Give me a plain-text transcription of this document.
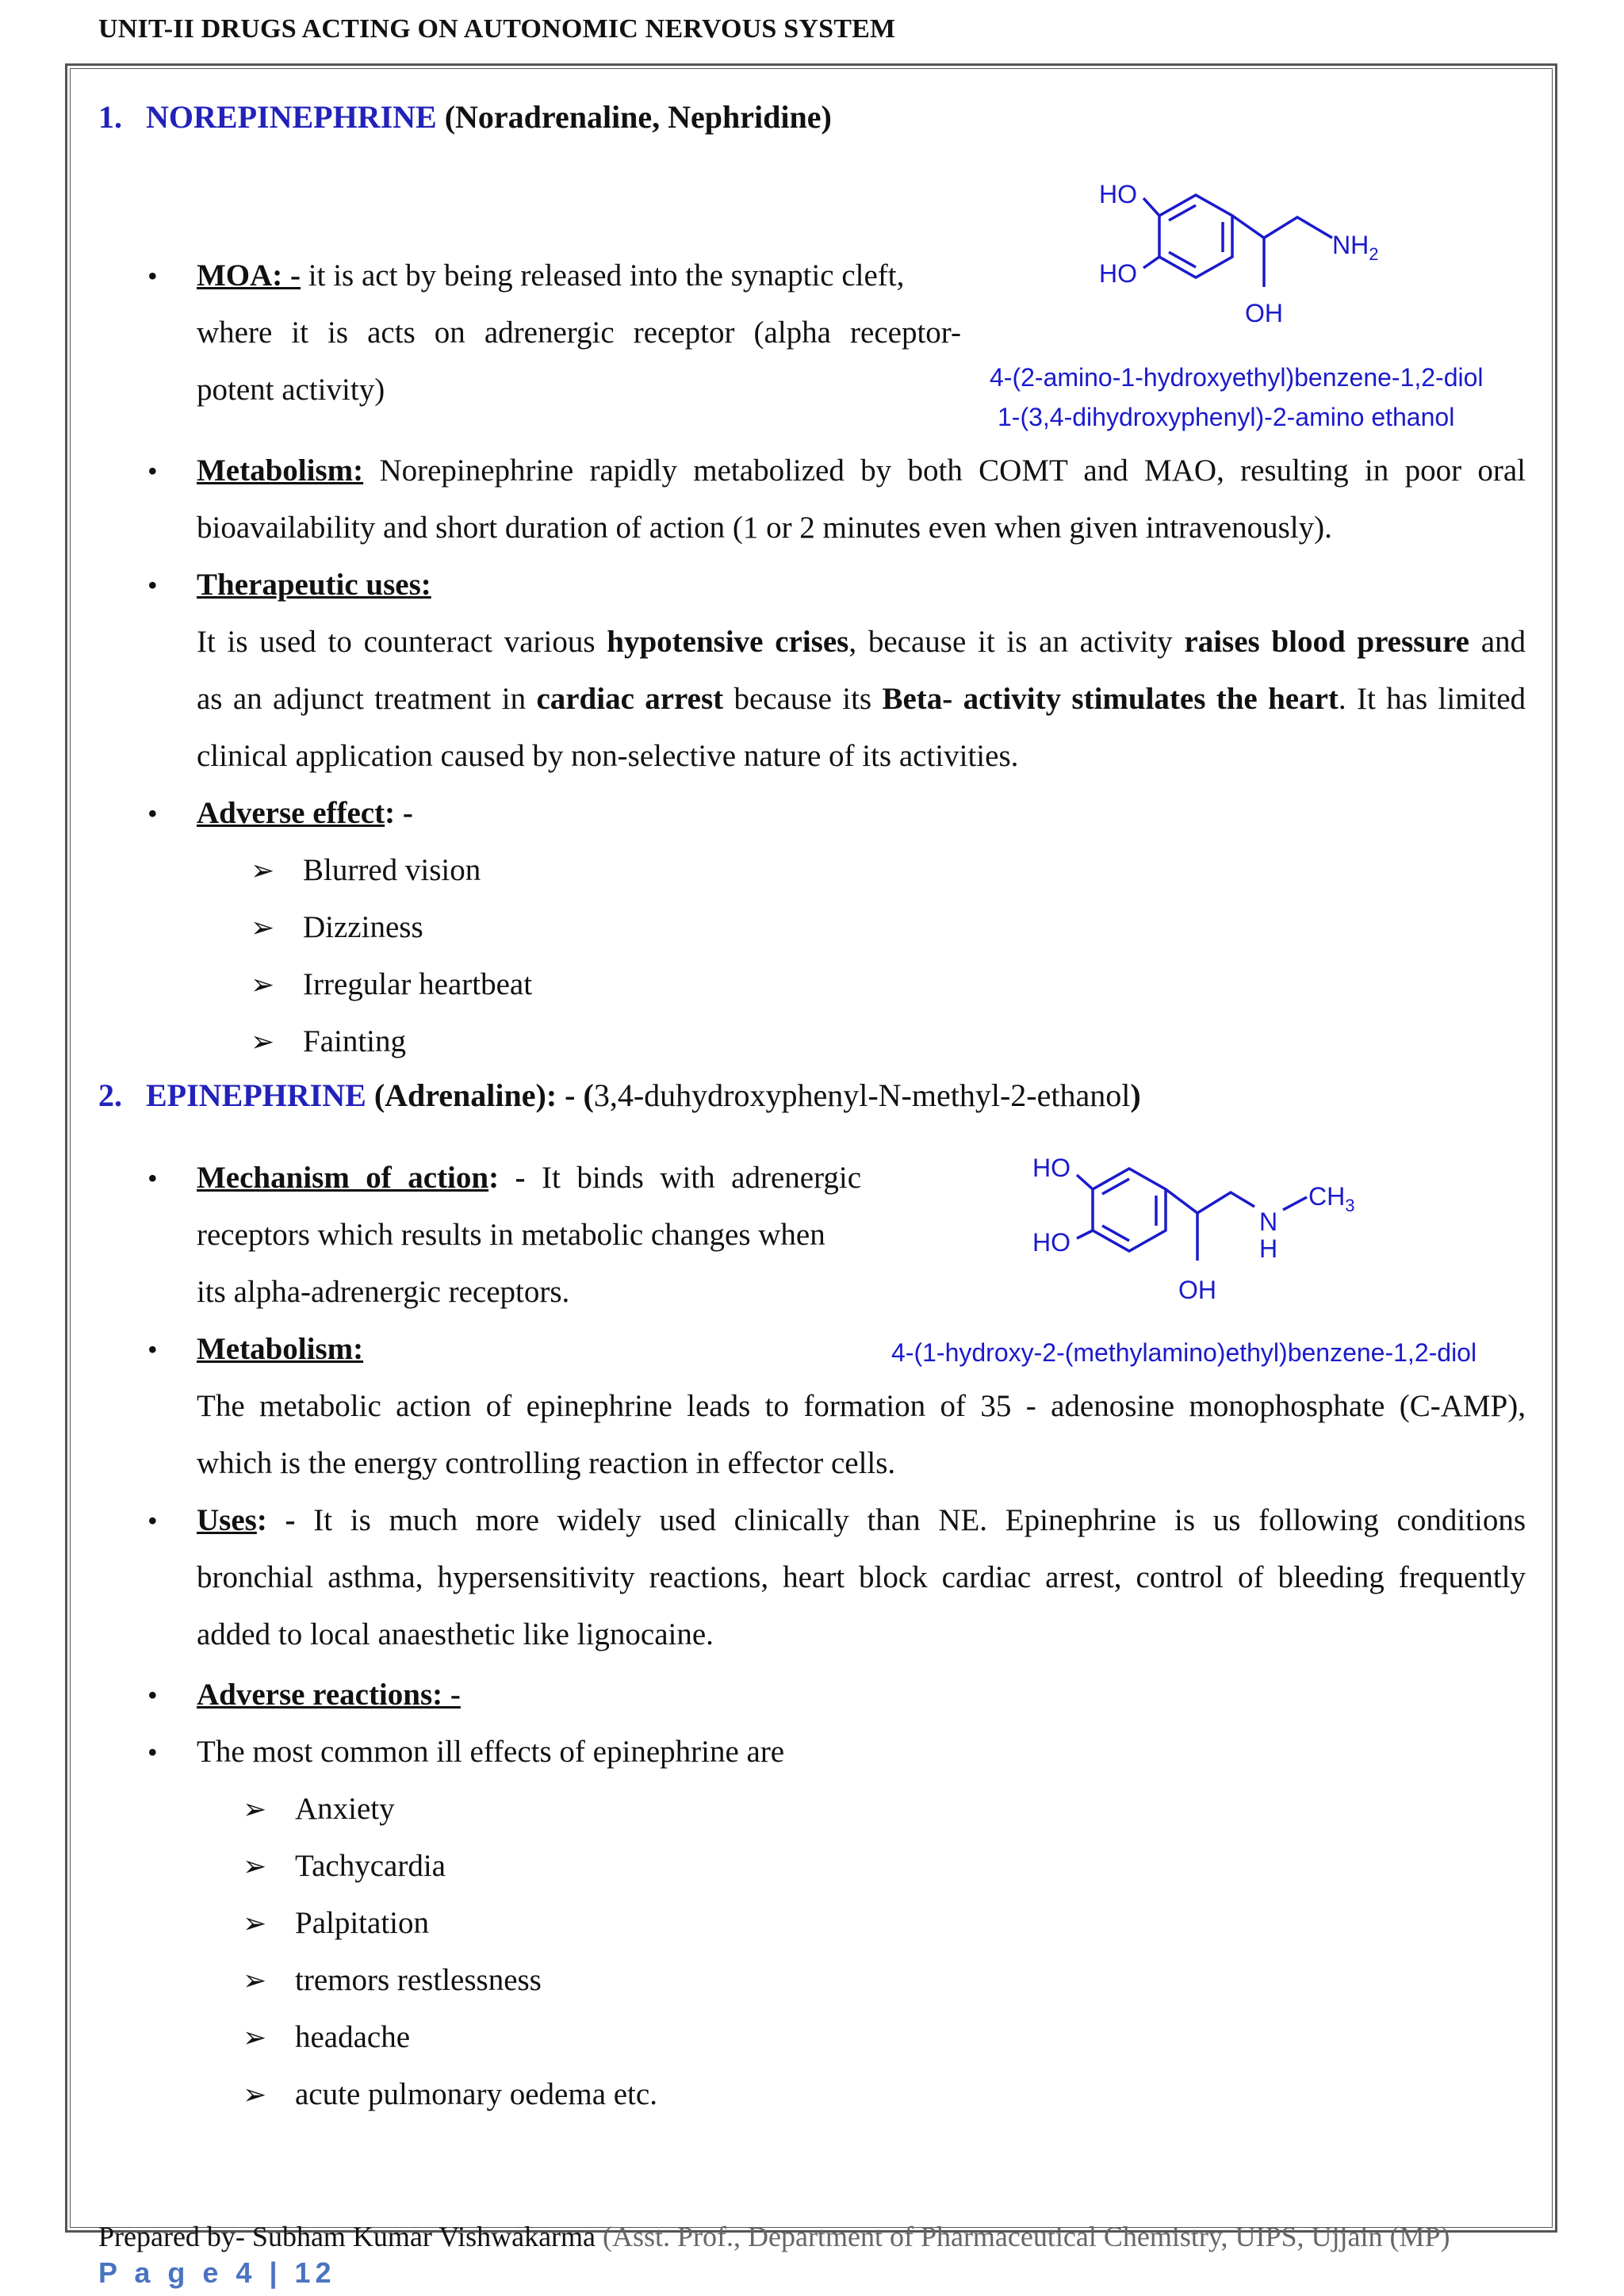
UNIT-II DRUGS ACTING ON AUTONOMIC NERVOUS SYSTEM
1. NOREPINEPHRINE (Noradrenaline, Nephridine)
HO
HO
$NH_2$
OH
4-(2-amino-1-hydroxyethyl)benzene-1,2-diol
1-(3,4-dihydroxyphenyl)-2-amino ethanol
• MOA: - it is act by being released into the synaptic cleft,
where it is acts on adrenergic receptor (alpha receptor-
potent activity)
• Metabolism: Norepinephrine rapidly metabolized by both COMT and MAO, resulting in poor oral
bioavailability and short duration of action (1 or 2 minutes even when given intravenously).
• Therapeutic uses:
It is used to counteract various hypotensive crises, because it is an activity raises blood pressure and
as an adjunct treatment in cardiac arrest because its Beta- activity stimulates the heart. It has limited
clinical application caused by non-selective nature of its activities.
• Adverse effect: -
➢ Blurred vision
➢ Dizziness
➢ Irregular heartbeat
➢ Fainting
2. EPINEPHRINE (Adrenaline): - (3,4-duhydroxyphenyl-N-methyl-2-ethanol)
HO
HO
N
H
$CH_3$
OH
• Mechanism of action: - It binds with adrenergic
receptors which results in metabolic changes when
its alpha-adrenergic receptors.
• Metabolism:	4-(1-hydroxy-2-(methylamino)ethyl)benzene-1,2-diol
The metabolic action of epinephrine leads to formation of 35 - adenosine monophosphate (C-AMP),
which is the energy controlling reaction in effector cells.
• Uses: - It is much more widely used clinically than NE. Epinephrine is us following conditions
bronchial asthma, hypersensitivity reactions, heart block cardiac arrest, control of bleeding frequently
added to local anaesthetic like lignocaine.
• Adverse reactions: -
• The most common ill effects of epinephrine are
➢ Anxiety
➢ Tachycardia
➢ Palpitation
➢ tremors restlessness
➢ headache
➢ acute pulmonary oedema etc.
Prepared by- Subham Kumar Vishwakarma (Asst. Prof., Department of Pharmaceutical Chemistry, UIPS, Ujjain (MP)
P a g e 4 | 12
